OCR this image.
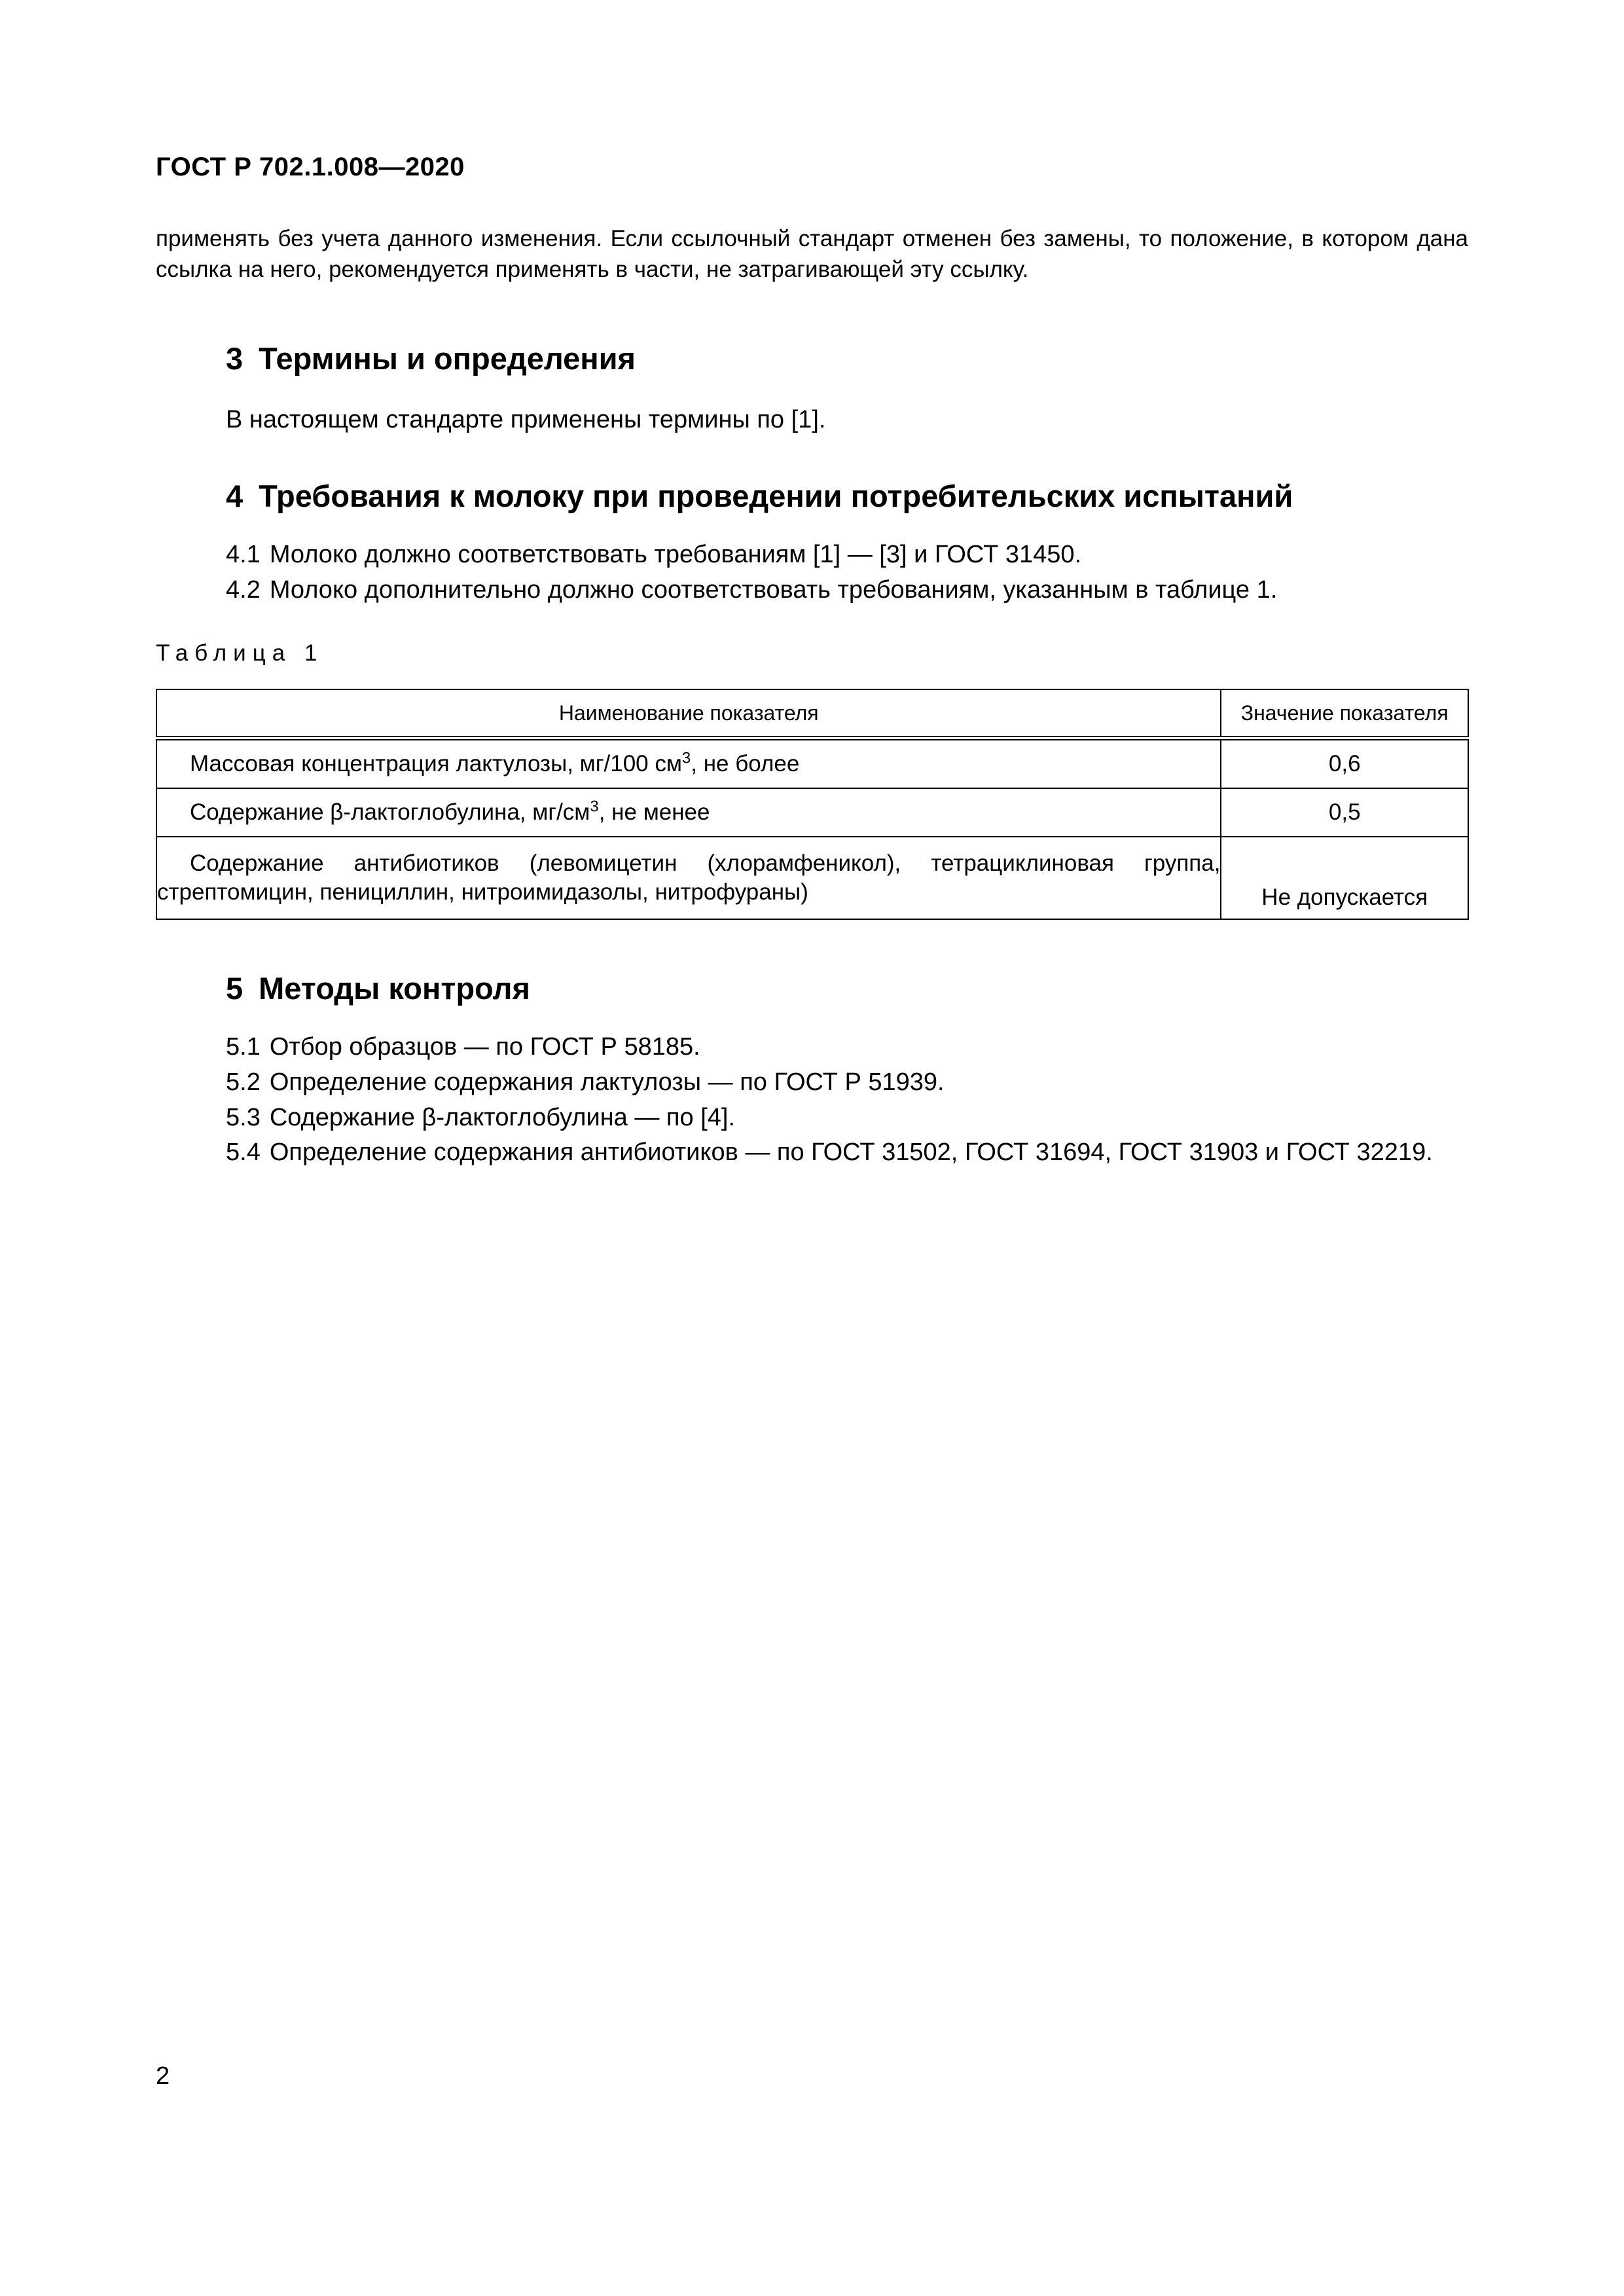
ГОСТ Р 702.1.008—2020
применять без учета данного изменения. Если ссылочный стандарт отменен без замены, то положение, в котором дана ссылка на него, рекомендуется применять в части, не затрагивающей эту ссылку.
3 Термины и определения
В настоящем стандарте применены термины по [1].
4 Требования к молоку при проведении потребительских испытаний
4.1 Молоко должно соответствовать требованиям [1] — [3] и ГОСТ 31450.
4.2 Молоко дополнительно должно соответствовать требованиям, указанным в таблице 1.
Таблица 1
Наименование показателя	Значение показателя
Массовая концентрация лактулозы, мг/100 $см^3$, не более	0,6
Содержание β-лактоглобулина, $мг/см^3$, не менее	0,5
Содержание антибиотиков (левомицетин (хлорамфеникол), тетрациклиновая группа, стрептомицин, пенициллин, нитроимидазолы, нитрофураны)	Не допускается
5 Методы контроля
5.1 Отбор образцов — по ГОСТ Р 58185.
5.2 Определение содержания лактулозы — по ГОСТ Р 51939.
5.3 Содержание β-лактоглобулина — по [4].
5.4 Определение содержания антибиотиков — по ГОСТ 31502, ГОСТ 31694, ГОСТ 31903 и ГОСТ 32219.
2
